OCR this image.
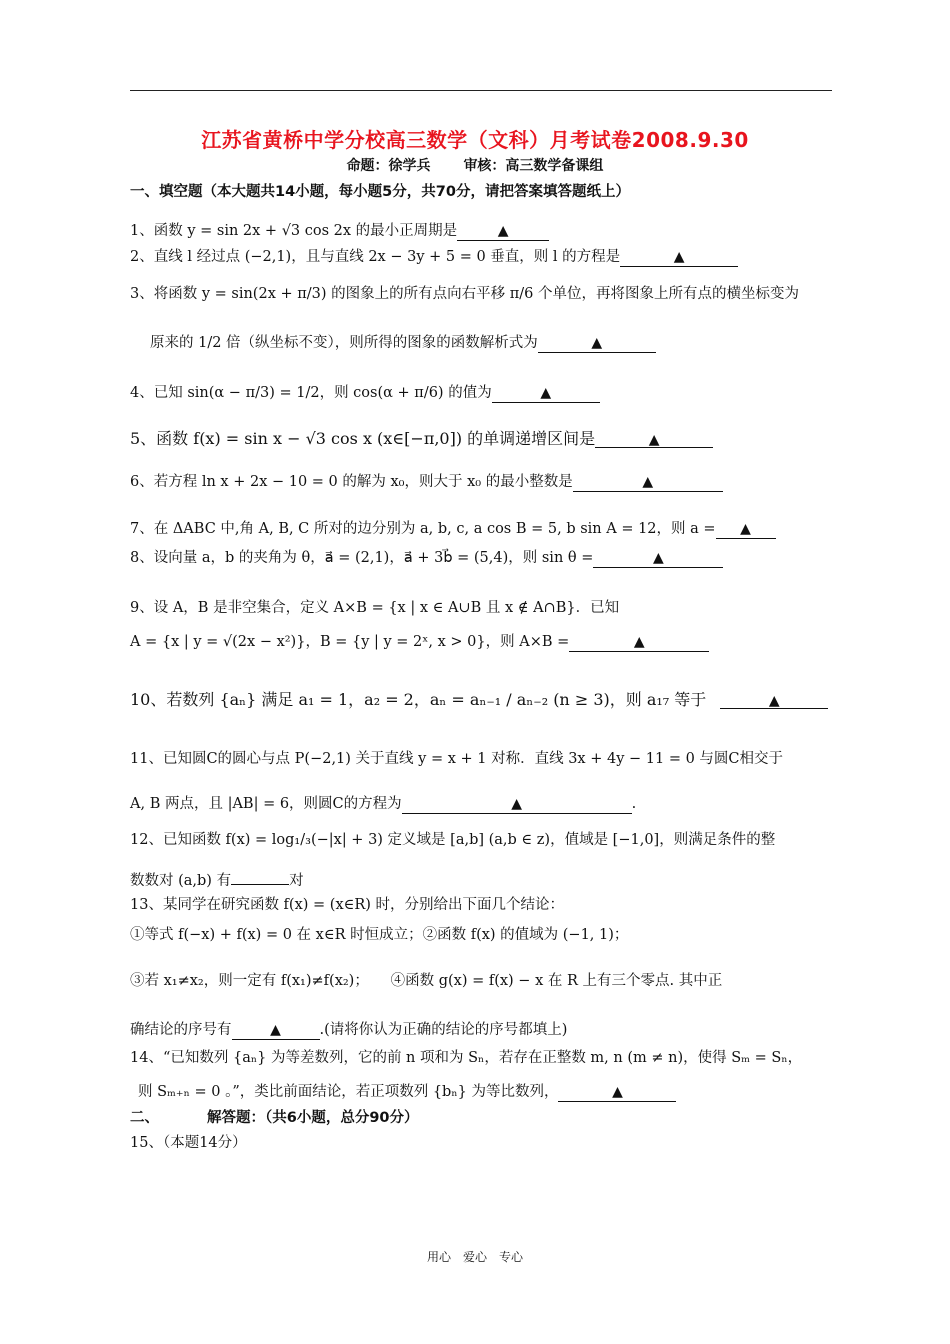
江苏省黄桥中学分校高三数学（文科）月考试卷2008.9.30
命题：徐学兵 审核：高三数学备课组
一、填空题（本大题共14小题，每小题5分，共70分，请把答案填答题纸上）
1、函数 y = sin 2x + √3 cos 2x 的最小正周期是	▲
2、直线 l 经过点 (−2,1)，且与直线 2x − 3y + 5 = 0 垂直，则 l 的方程是	▲
3、将函数 y = sin(2x + π/3) 的图象上的所有点向右平移 π/6 个单位，再将图象上所有点的横坐标变为
原来的 1/2 倍（纵坐标不变），则所得的图象的函数解析式为	▲
4、已知 sin(α − π/3) = 1/2，则 cos(α + π/6) 的值为	▲
5、函数 f(x) = sin x − √3 cos x (x∈[−π,0]) 的单调递增区间是	▲
6、若方程 ln x + 2x − 10 = 0 的解为 x₀，则大于 x₀ 的最小整数是	▲
7、在 ΔABC 中,角 A, B, C 所对的边分别为 a, b, c, a cos B = 5, b sin A = 12，则 a = ▲
8、设向量 a，b 的夹角为 θ，a⃗ = (2,1)，a⃗ + 3b⃗ = (5,4)，则 sin θ =	▲
9、设 A，B 是非空集合，定义 A×B = {x | x ∈ A∪B 且 x ∉ A∩B}．已知
A = {x | y = √(2x − x²)}，B = {y | y = 2ˣ, x > 0}，则 A×B =	▲
10、若数列 {aₙ} 满足 a₁ = 1，a₂ = 2，aₙ = aₙ₋₁ / aₙ₋₂ (n ≥ 3)，则 a₁₇ 等于	▲
11、已知圆C的圆心与点 P(−2,1) 关于直线 y = x + 1 对称．直线 3x + 4y − 11 = 0 与圆C相交于
A, B 两点，且 |AB| = 6，则圆C的方程为	▲	.
12、已知函数 f(x) = log₁/₃(−|x| + 3) 定义域是 [a,b] (a,b ∈ z)，值域是 [−1,0]，则满足条件的整
数数对 (a,b) 有	对
13、某同学在研究函数 f(x) = (x∈R) 时，分别给出下面几个结论：
①等式 f(−x) + f(x) = 0 在 x∈R 时恒成立；②函数 f(x) 的值域为 (−1, 1)；
③若 x₁≠x₂，则一定有 f(x₁)≠f(x₂)；　　④函数 g(x) = f(x) − x 在 R 上有三个零点. 其中正
确结论的序号有	▲	.(请将你认为正确的结论的序号都填上)
14、“已知数列 {aₙ} 为等差数列，它的前 n 项和为 Sₙ，若存在正整数 m, n (m ≠ n)，使得 Sₘ = Sₙ，
则 Sₘ₊ₙ = 0 。”，类比前面结论，若正项数列 {bₙ} 为等比数列，	▲
二、	解答题：（共6小题，总分90分）
15、（本题14分）
用心　爱心　专心
